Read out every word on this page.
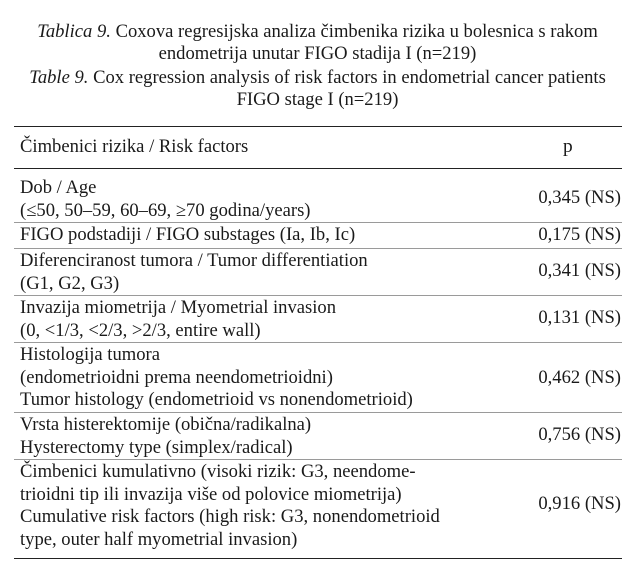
Tablica 9. Coxova regresijska analiza čimbenika rizika u bolesnica s rakom endometrija unutar FIGO stadija I (n=219)
Table 9. Cox regression analysis of risk factors in endometrial cancer patients FIGO stage I (n=219)
Čimbenici rizika / Risk factors	p
Dob / Age
(≤50, 50–59, 60–69, ≥70 godina/years)
0,345 (NS)
FIGO podstadiji / FIGO substages (Ia, Ib, Ic)	0,175 (NS)
Diferenciranost tumora / Tumor differentiation
(G1, G2, G3)
0,341 (NS)
Invazija miometrija / Myometrial invasion
(0, <1/3, <2/3, >2/3, entire wall)
0,131 (NS)
Histologija tumora
(endometrioidni prema neendometrioidni)
Tumor histology (endometrioid vs nonendometrioid)
0,462 (NS)
Vrsta histerektomije (obična/radikalna)
Hysterectomy type (simplex/radical)
0,756 (NS)
Čimbenici kumulativno (visoki rizik: G3, neendome-
trioidni tip ili invazija više od polovice miometrija)
Cumulative risk factors (high risk: G3, nonendometrioid
type, outer half myometrial invasion)
0,916 (NS)
